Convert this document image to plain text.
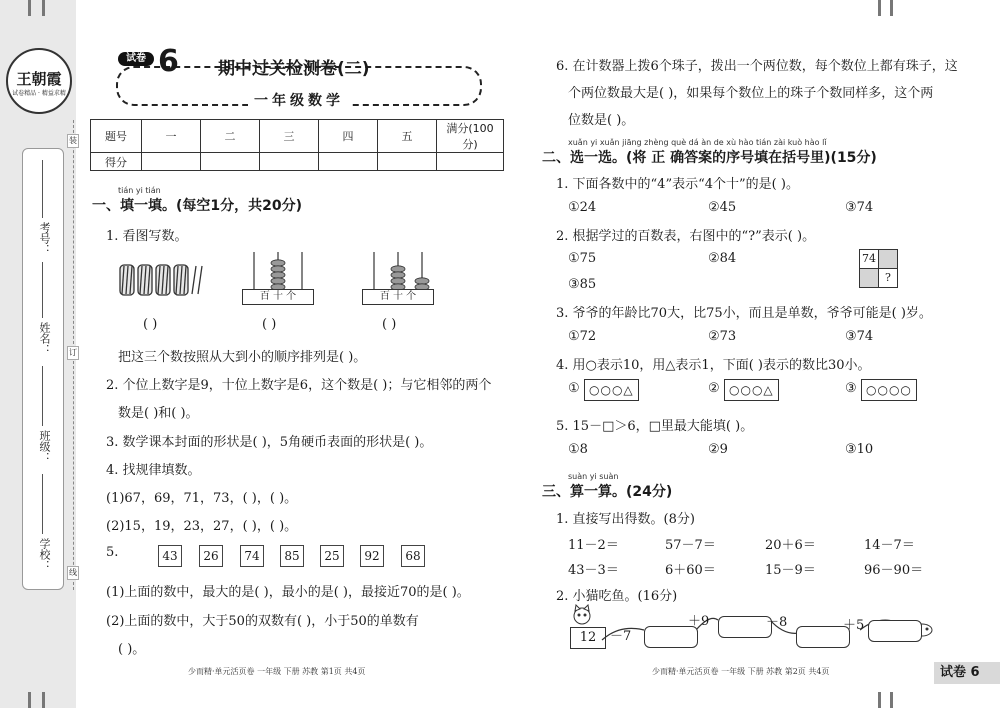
王朝霞
试卷精品 · 精益求精
考号：
姓名：
班级：
学校：
装
订
线
试卷 6 期中过关检测卷(二)
一年级数学
题号	一	二	三	四	五	满分(100分)
得分						
tián yi tián
一、填一填。(每空1分，共20分)
1. 看图写数。
百 十 个	百 十 个
( )	( )	( )
把这三个数按照从大到小的顺序排列是( )。
2. 个位上数字是9，十位上数字是6，这个数是( )；与它相邻的两个
数是( )和( )。
3. 数学课本封面的形状是( )，5角硬币表面的形状是( )。
4. 找规律填数。
(1)67，69，71，73，( )，( )。
(2)15，19，23，27，( )，( )。
5.	43	26	74	85	25	92	68
(1)上面的数中，最大的是( )，最小的是( )，最接近70的是( )。
(2)上面的数中，大于50的双数有( )，小于50的单数有
( )。
少而精·单元活页卷 一年级 下册 苏教 第1页 共4页
6. 在计数器上拨6个珠子，拨出一个两位数，每个数位上都有珠子，这
个两位数最大是( )，如果每个数位上的珠子个数同样多，这个两
位数是( )。
xuǎn yi xuǎn jiāng zhèng què dá àn de xù hào tián zài kuò hào lǐ
二、选一选。(将 正 确答案的序号填在括号里)(15分)
1. 下面各数中的“4”表示“4个十”的是( )。
①24	②45	③74
2. 根据学过的百数表，右图中的“?”表示( )。
①75	②84
③85
74
?
3. 爷爷的年龄比70大，比75小，而且是单数，爷爷可能是( )岁。
①72	②73	③74
4. 用○表示10，用△表示1，下面( )表示的数比30小。
① ○○○△	② ○○○△	③ ○○○○
5. 15－□＞6，□里最大能填( )。
①8	②9	③10
suàn yi suàn
三、算一算。(24分)
1. 直接写出得数。(8分)
11－2＝	57－7＝	20＋6＝	14－7＝
43－3＝	6＋60＝	15－9＝	96－90＝
2. 小猫吃鱼。(16分)
12	－7
＋9	－8	＋5
少而精·单元活页卷 一年级 下册 苏教 第2页 共4页	试卷 6
